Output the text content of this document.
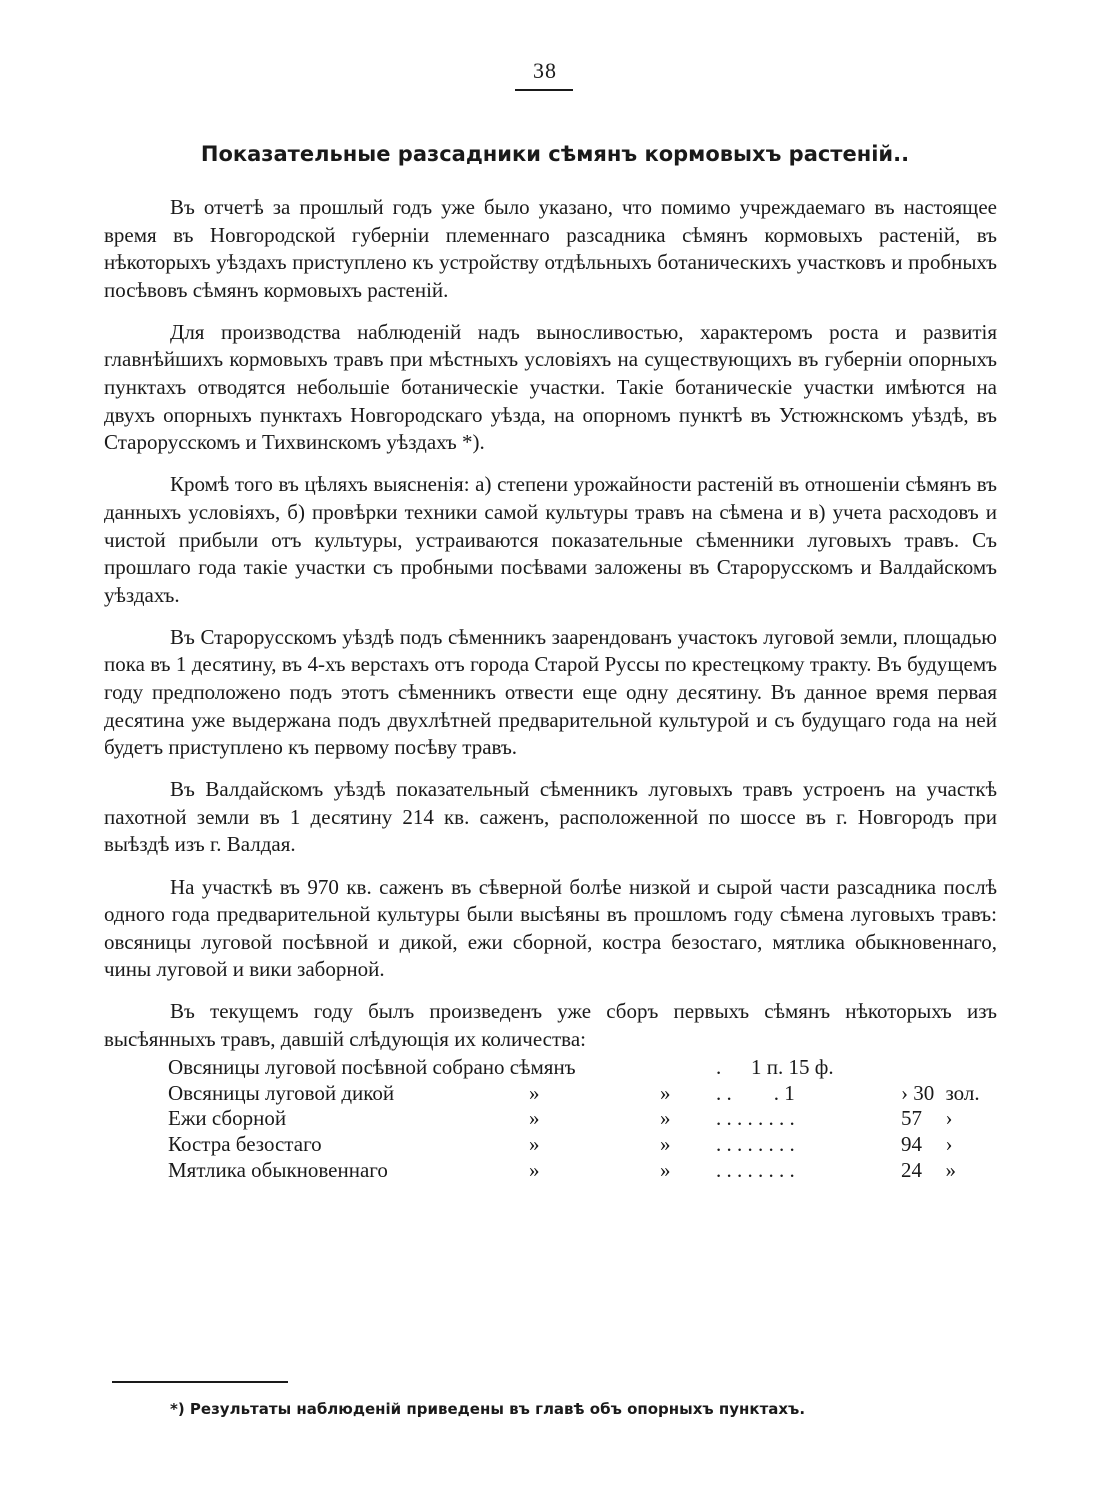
38
Показательные разсадники сѣмянъ кормовыхъ растеній..

Въ отчетѣ за прошлый годъ уже было указано, что помимо учреждаемаго въ настоящее время въ Новгородской губерніи племеннаго разсадника сѣмянъ кормовыхъ растеній, въ нѣкоторыхъ уѣздахъ приступлено къ устройству отдѣльныхъ ботаническихъ участковъ и пробныхъ посѣвовъ сѣмянъ кормовыхъ растеній.

Для производства наблюденій надъ выносливостью, характеромъ роста и развитія главнѣйшихъ кормовыхъ травъ при мѣстныхъ условіяхъ на существующихъ въ губерніи опорныхъ пунктахъ отводятся небольшіе ботаническіе участки. Такіе ботаническіе участки имѣются на двухъ опорныхъ пунктахъ Новгородскаго уѣзда, на опорномъ пунктѣ въ Устюжнскомъ уѣздѣ, въ Старорусскомъ и Тихвинскомъ уѣздахъ *).

Кромѣ того въ цѣляхъ выясненія: а) степени урожайности растеній въ отношеніи сѣмянъ въ данныхъ условіяхъ, б) провѣрки техники самой культуры травъ на сѣмена и в) учета расходовъ и чистой прибыли отъ культуры, устраиваются показательные сѣменники луговыхъ травъ. Съ прошлаго года такіе участки съ пробными посѣвами заложены въ Старорусскомъ и Валдайскомъ уѣздахъ.

Въ Старорусскомъ уѣздѣ подъ сѣменникъ заарендованъ участокъ луговой земли, площадью пока въ 1 десятину, въ 4-хъ верстахъ отъ города Старой Руссы по крестецкому тракту. Въ будущемъ году предположено подъ этотъ сѣменникъ отвести еще одну десятину. Въ данное время первая десятина уже выдержана подъ двухлѣтней предварительной культурой и съ будущаго года на ней будетъ приступлено къ первому посѣву травъ.

Въ Валдайскомъ уѣздѣ показательный сѣменникъ луговыхъ травъ устроенъ на участкѣ пахотной земли въ 1 десятину 214 кв. саженъ, расположенной по шоссе въ г. Новгородъ при выѣздѣ изъ г. Валдая.

На участкѣ въ 970 кв. саженъ въ сѣверной болѣе низкой и сырой части разсадника послѣ одного года предварительной культуры были высѣяны въ прошломъ году сѣмена луговыхъ травъ: овсяницы луговой посѣвной и дикой, ежи сборной, костра безостаго, мятлика обыкновеннаго, чины луговой и вики заборной.

Въ текущемъ году былъ произведенъ уже сборъ первыхъ сѣмянъ нѣкоторыхъ изъ высѣянныхъ травъ, давшій слѣдующія их количества:

Овсяницы луговой посѣвной собрано сѣмянъ	.	1 п. 15 ф.
Овсяницы луговой дикой	»	»	. .        . 1	› 30	зол.
Ежи сборной	»	»	. . . . . . . .	57	›
Костра безостаго	»	»	. . . . . . . .	94	›
Мятлика обыкновеннаго	»	»	. . . . . . . .	24	»
*) Результаты наблюденій приведены въ главѣ объ опорныхъ пунктахъ.
